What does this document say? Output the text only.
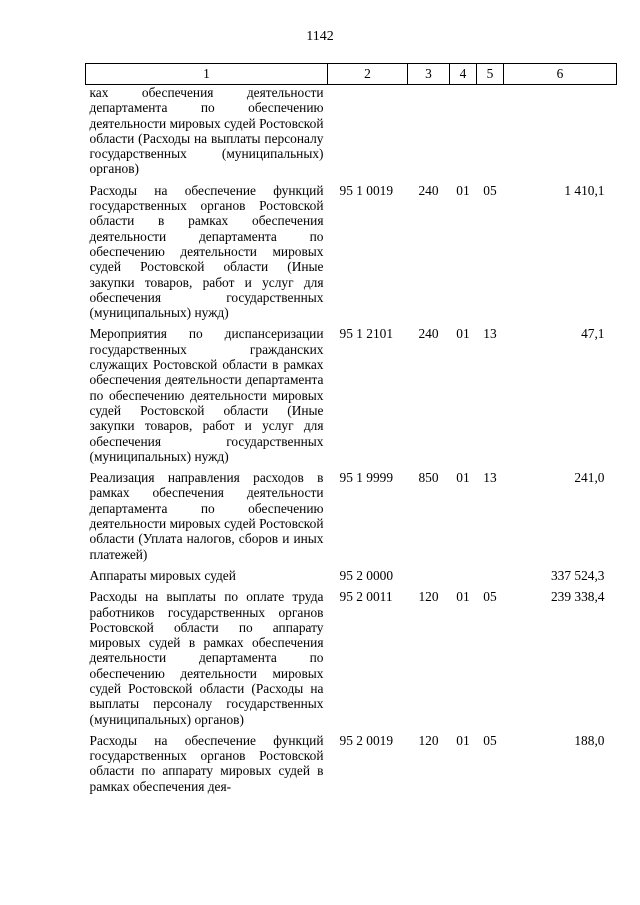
1142
1	2	3	4	5	6
ках обеспечения деятельности департамента по обеспечению деятельности мировых судей Ростовской области (Расходы на выплаты персоналу государственных (муниципальных) органов)					
Расходы на обеспечение функций государственных органов Ростовской области в рамках обеспечения деятельности департамента по обеспечению деятельности мировых судей Ростовской области (Иные закупки товаров, работ и услуг для обеспечения государственных (муниципальных) нужд)	95 1 0019	240	01	05	1 410,1
Мероприятия по диспансеризации государственных гражданских служащих Ростовской области в рамках обеспечения деятельности департамента по обеспечению деятельности мировых судей Ростовской области (Иные закупки товаров, работ и услуг для обеспечения государственных (муниципальных) нужд)	95 1 2101	240	01	13	47,1
Реализация направления расходов в рамках обеспечения деятельности департамента по обеспечению деятельности мировых судей Ростовской области (Уплата налогов, сборов и иных платежей)	95 1 9999	850	01	13	241,0
Аппараты мировых судей	95 2 0000				337 524,3
Расходы на выплаты по оплате труда работников государственных органов Ростовской области по аппарату мировых судей в рамках обеспечения деятельности департамента по обеспечению деятельности мировых судей Ростовской области (Расходы на выплаты персоналу государственных (муниципальных) органов)	95 2 0011	120	01	05	239 338,4
Расходы на обеспечение функций государственных органов Ростовской области по аппарату мировых судей в рамках обеспечения дея-	95 2 0019	120	01	05	188,0
